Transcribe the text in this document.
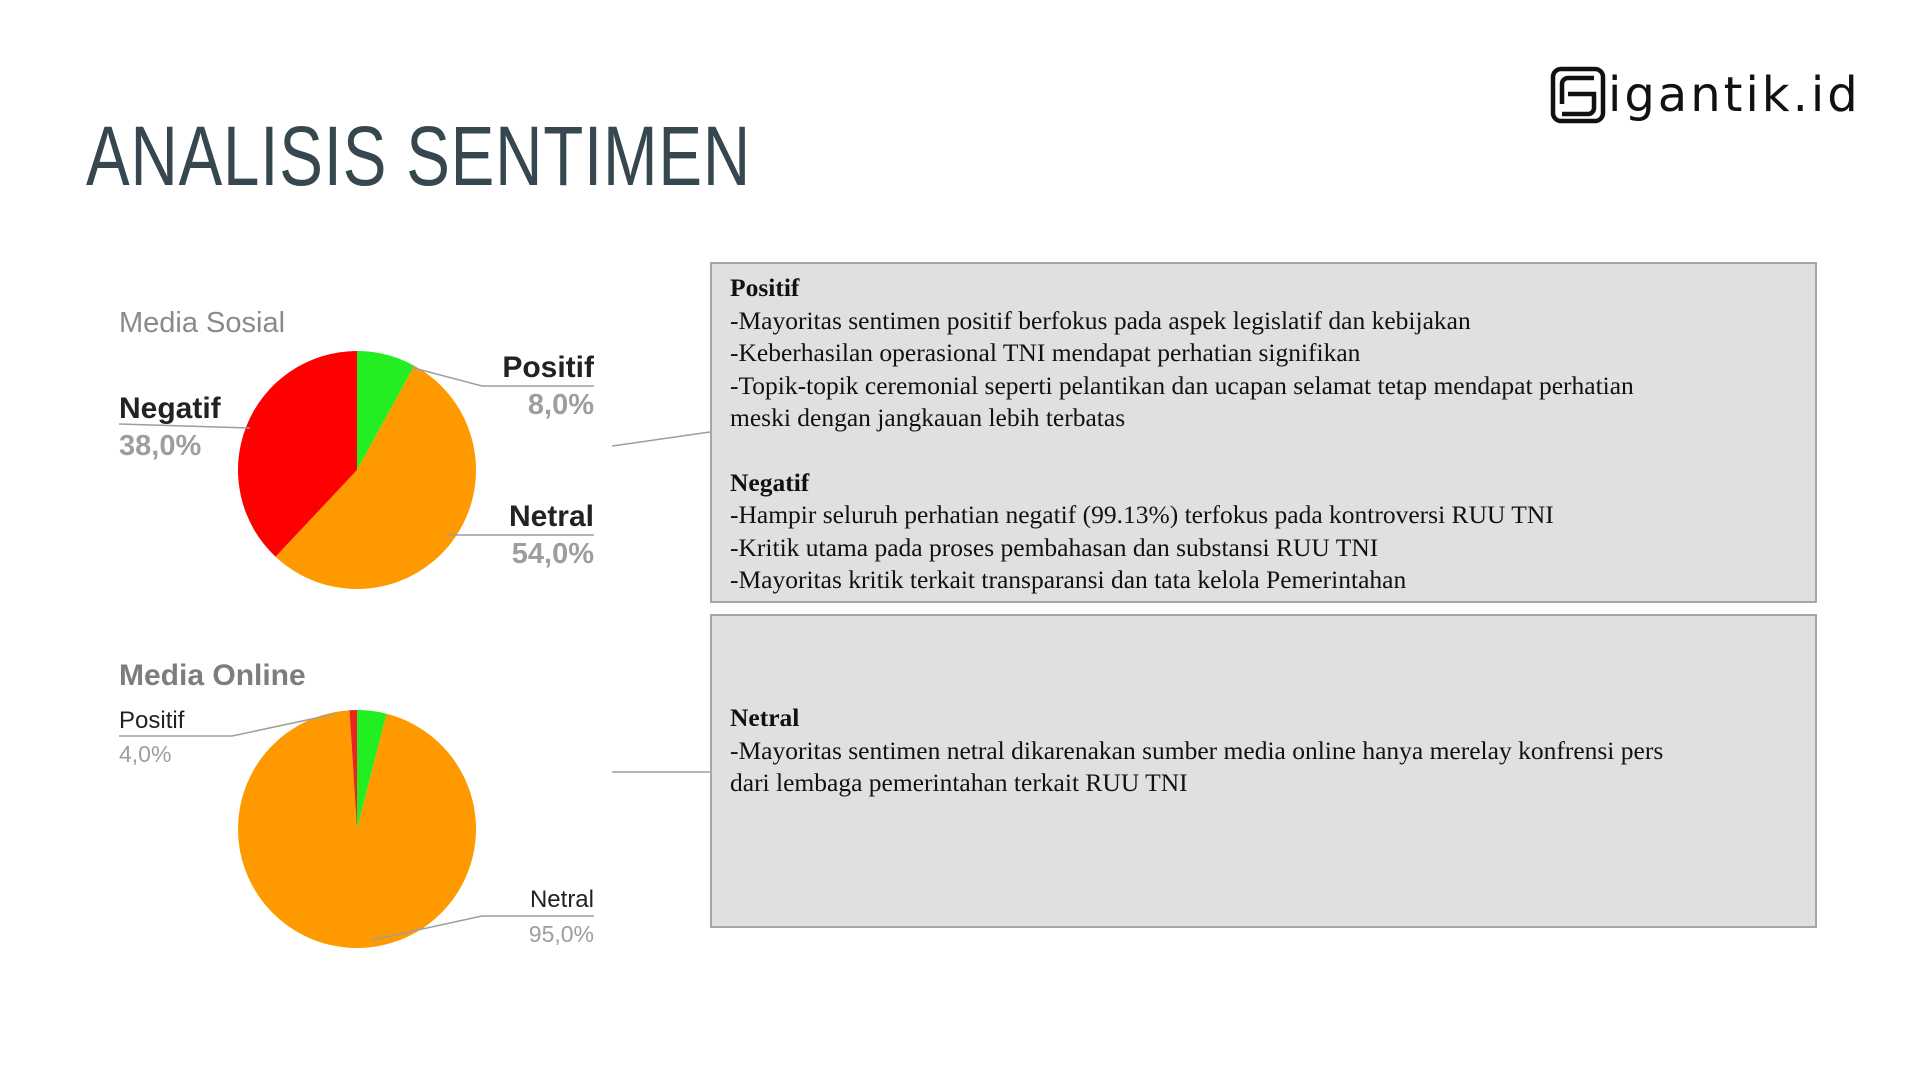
ANALISIS SENTIMEN
igantik.id
Media Sosial
Positif
8,0%
Netral
54,0%
Negatif
38,0%
Media Online
Positif
4,0%
Netral
95,0%
Positif
-Mayoritas sentimen positif berfokus pada aspek legislatif dan kebijakan
-Keberhasilan operasional TNI mendapat perhatian signifikan
-Topik-topik ceremonial seperti pelantikan dan ucapan selamat tetap mendapat perhatian
meski dengan jangkauan lebih terbatas
Negatif
-Hampir seluruh perhatian negatif (99.13%) terfokus pada kontroversi RUU TNI
-Kritik utama pada proses pembahasan dan substansi RUU TNI
-Mayoritas kritik terkait transparansi dan tata kelola Pemerintahan
Netral
-Mayoritas sentimen netral dikarenakan sumber media online hanya merelay konfrensi pers
dari lembaga pemerintahan terkait RUU TNI
